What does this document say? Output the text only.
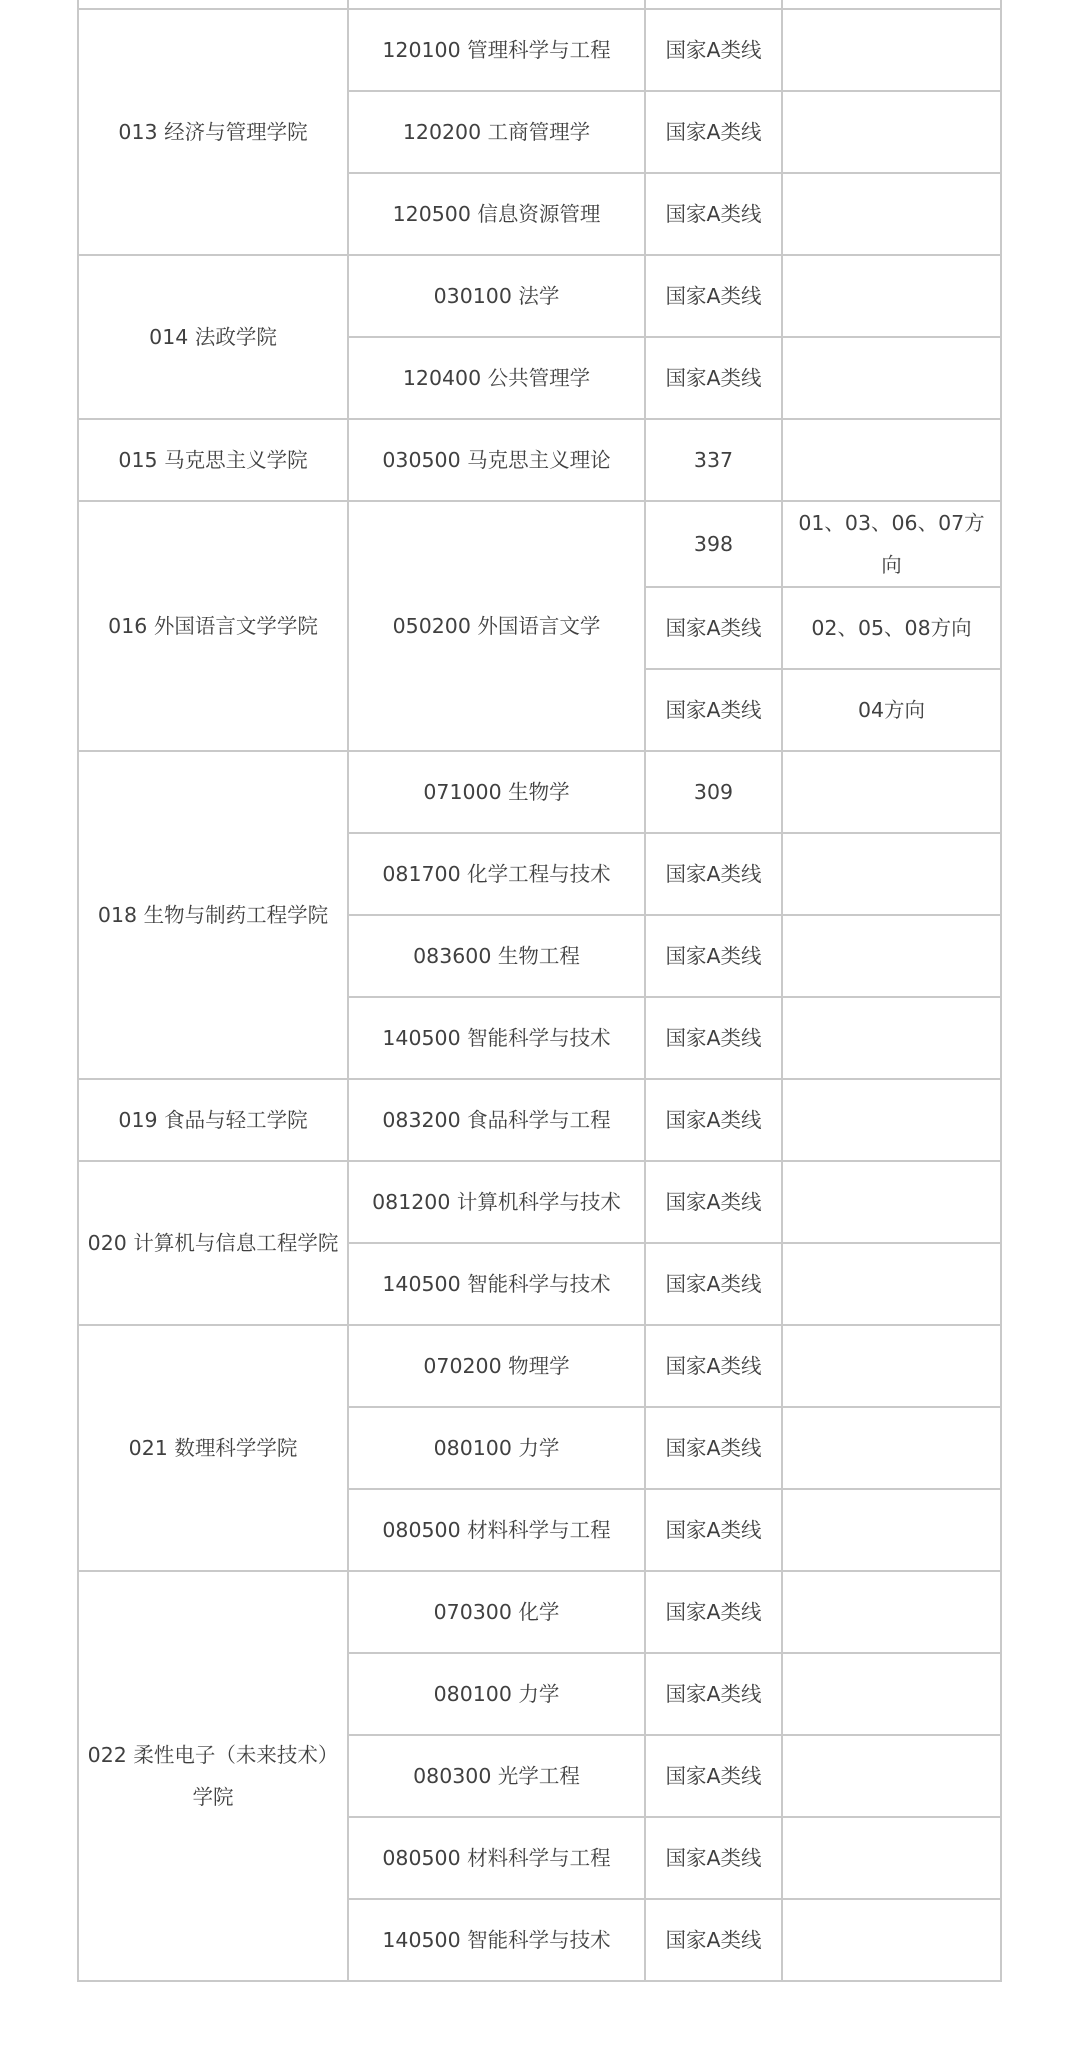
013 经济与管理学院	120100 管理科学与工程	国家A类线	
	120200 工商管理学	国家A类线	
	120500 信息资源管理	国家A类线	
014 法政学院	030100 法学	国家A类线	
	120400 公共管理学	国家A类线	
015 马克思主义学院	030500 马克思主义理论	337	
016 外国语言文学学院	050200 外国语言文学	398	01、03、06、07方向
		国家A类线	02、05、08方向
		国家A类线	04方向
018 生物与制药工程学院	071000 生物学	309	
	081700 化学工程与技术	国家A类线	
	083600 生物工程	国家A类线	
	140500 智能科学与技术	国家A类线	
019 食品与轻工学院	083200 食品科学与工程	国家A类线	
020 计算机与信息工程学院	081200 计算机科学与技术	国家A类线	
	140500 智能科学与技术	国家A类线	
021 数理科学学院	070200 物理学	国家A类线	
	080100 力学	国家A类线	
	080500 材料科学与工程	国家A类线	
022 柔性电子（未来技术）学院	070300 化学	国家A类线	
	080100 力学	国家A类线	
	080300 光学工程	国家A类线	
	080500 材料科学与工程	国家A类线	
	140500 智能科学与技术	国家A类线	
